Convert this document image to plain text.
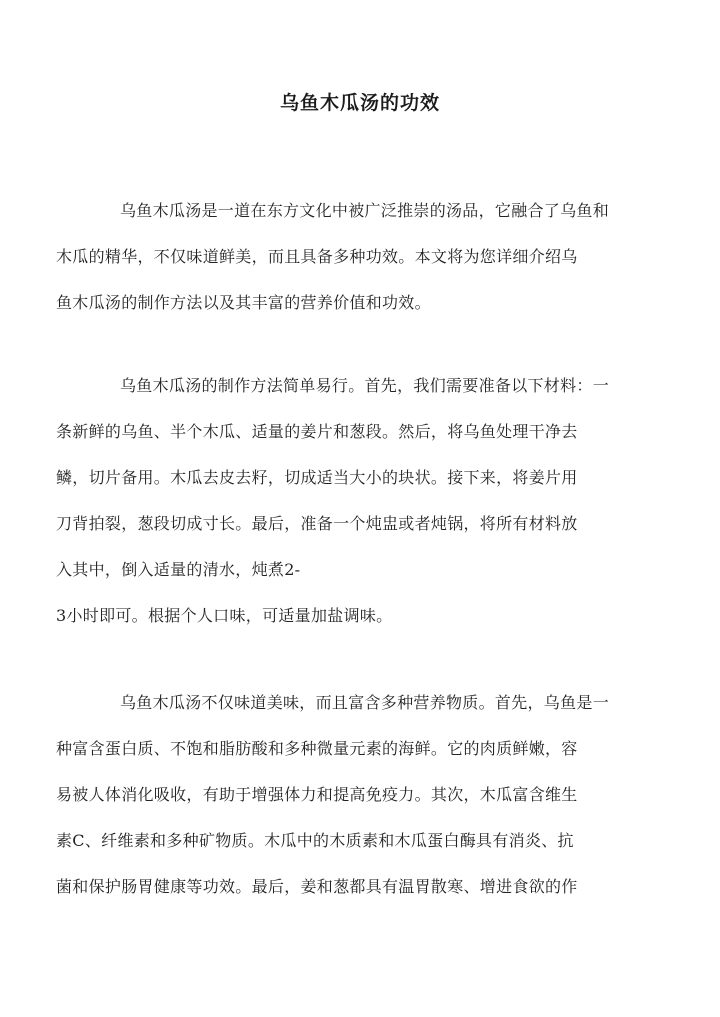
乌鱼木瓜汤的功效
乌鱼木瓜汤是一道在东方文化中被广泛推崇的汤品，它融合了乌鱼和
木瓜的精华，不仅味道鲜美，而且具备多种功效。本文将为您详细介绍乌
鱼木瓜汤的制作方法以及其丰富的营养价值和功效。
乌鱼木瓜汤的制作方法简单易行。首先，我们需要准备以下材料：一
条新鲜的乌鱼、半个木瓜、适量的姜片和葱段。然后，将乌鱼处理干净去
鳞，切片备用。木瓜去皮去籽，切成适当大小的块状。接下来，将姜片用
刀背拍裂，葱段切成寸长。最后，准备一个炖盅或者炖锅，将所有材料放
入其中，倒入适量的清水，炖煮2-
3小时即可。根据个人口味，可适量加盐调味。
乌鱼木瓜汤不仅味道美味，而且富含多种营养物质。首先，乌鱼是一
种富含蛋白质、不饱和脂肪酸和多种微量元素的海鲜。它的肉质鲜嫩，容
易被人体消化吸收，有助于增强体力和提高免疫力。其次，木瓜富含维生
素C、纤维素和多种矿物质。木瓜中的木质素和木瓜蛋白酶具有消炎、抗
菌和保护肠胃健康等功效。最后，姜和葱都具有温胃散寒、增进食欲的作
